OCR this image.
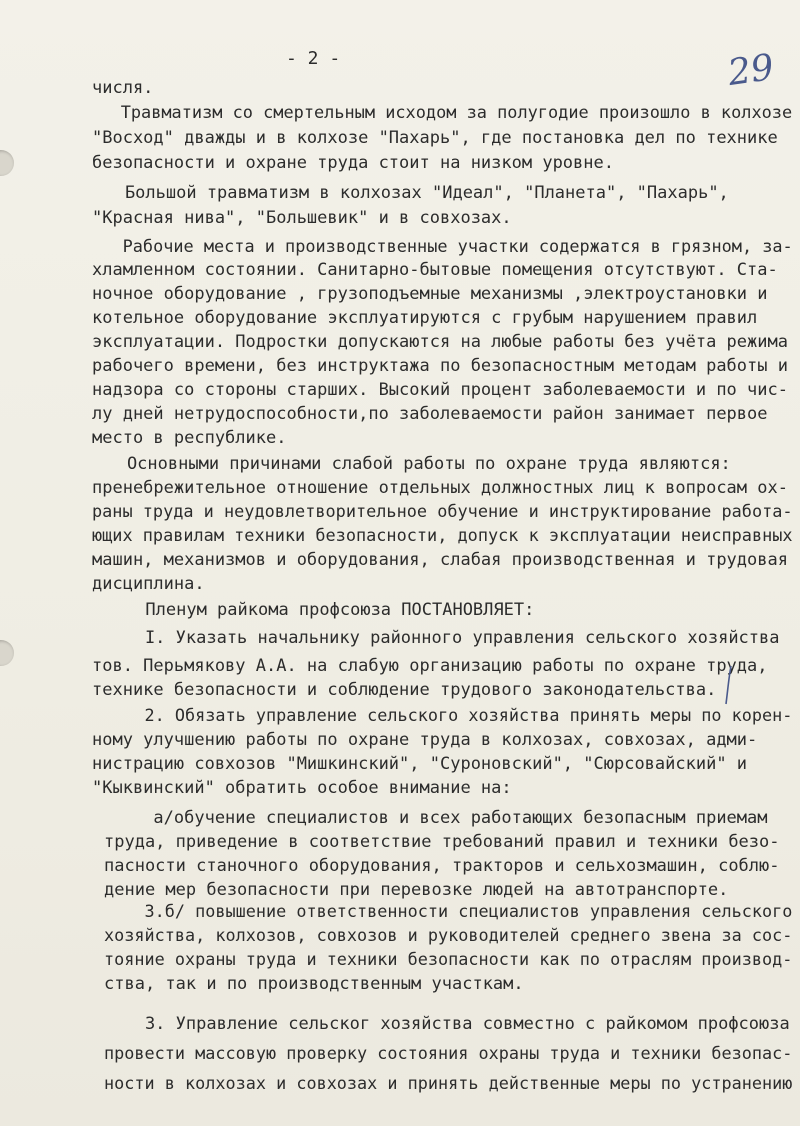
- 2 -	29
числя.
Травматизм со смертельным исходом за полугодие произошло в колхозе
"Восход" дважды и в колхозе "Пахарь", где постановка дел по технике
безопасности и охране труда стоит на низком уровне.
Большой травматизм в колхозах "Идеал", "Планета", "Пахарь",
"Красная нива", "Большевик" и в совхозах.
Рабочие места и производственные участки содержатся в грязном, за-
хламленном состоянии. Санитарно-бытовые помещения отсутствуют. Ста-
ночное оборудование , грузоподъемные механизмы ,электроустановки и
котельное оборудование эксплуатируются с грубым нарушением правил
эксплуатации. Подростки допускаются на любые работы без учёта режима
рабочего времени, без инструктажа по безопасностным методам работы и
надзора со стороны старших. Высокий процент заболеваемости и по чис-
лу дней нетрудоспособности,по заболеваемости район занимает первое
место в республике.
Основными причинами слабой работы по охране труда являются:
пренебрежительное отношение отдельных должностных лиц к вопросам ох-
раны труда и неудовлетворительное обучение и инструктирование работа-
ющих правилам техники безопасности, допуск к эксплуатации неисправных
машин, механизмов и оборудования, слабая производственная и трудовая
дисциплина.
Пленум райкома профсоюза ПОСТАНОВЛЯЕТ:
I. Указать начальнику районного управления сельского хозяйства
тов. Перьмякову А.А. на слабую организацию работы по охране труда,
технике безопасности и соблюдение трудового законодательства.
2. Обязать управление сельского хозяйства принять меры по корен-
ному улучшению работы по охране труда в колхозах, совхозах, адми-
нистрацию совхозов "Мишкинский", "Суроновский", "Сюрсовайский" и
"Кыквинский" обратить особое внимание на:
а/обучение специалистов и всех работающих безопасным приемам
труда, приведение в соответствие требований правил и техники безо-
пасности станочного оборудования, тракторов и сельхозмашин, соблю-
дение мер безопасности при перевозке людей на автотранспорте.
З.б/ повышение ответственности специалистов управления сельского
хозяйства, колхозов, совхозов и руководителей среднего звена за сос-
тояние охраны труда и техники безопасности как по отраслям производ-
ства, так и по производственным участкам.
3. Управление сельског хозяйства совместно с райкомом профсоюза
провести массовую проверку состояния охраны труда и техники безопас-
ности в колхозах и совхозах и принять действенные меры по устранению
